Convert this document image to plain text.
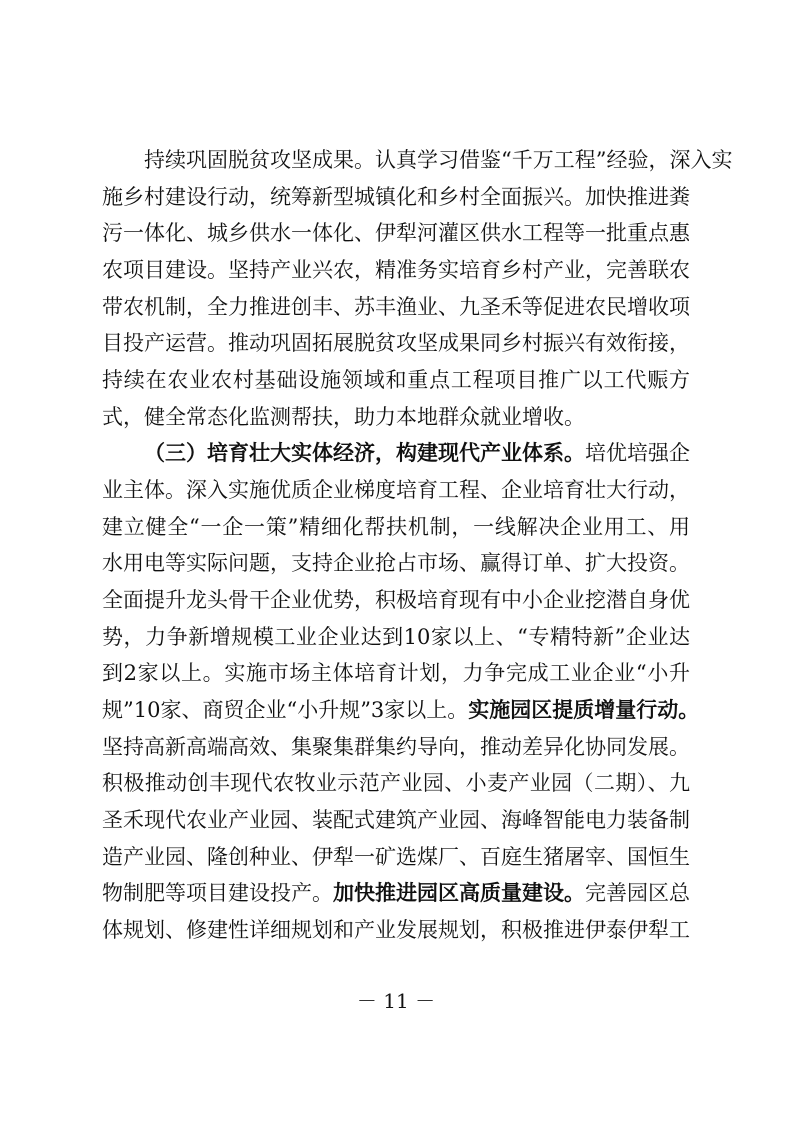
持续巩固脱贫攻坚成果。认真学习借鉴“千万工程”经验，深入实
施乡村建设行动，统筹新型城镇化和乡村全面振兴。加快推进粪
污一体化、城乡供水一体化、伊犁河灌区供水工程等一批重点惠
农项目建设。坚持产业兴农，精准务实培育乡村产业，完善联农
带农机制，全力推进创丰、苏丰渔业、九圣禾等促进农民增收项
目投产运营。推动巩固拓展脱贫攻坚成果同乡村振兴有效衔接，
持续在农业农村基础设施领域和重点工程项目推广以工代赈方
式，健全常态化监测帮扶，助力本地群众就业增收。
（三）培育壮大实体经济，构建现代产业体系。培优培强企
业主体。深入实施优质企业梯度培育工程、企业培育壮大行动，
建立健全“一企一策”精细化帮扶机制，一线解决企业用工、用
水用电等实际问题，支持企业抢占市场、赢得订单、扩大投资。
全面提升龙头骨干企业优势，积极培育现有中小企业挖潜自身优
势，力争新增规模工业企业达到10家以上、“专精特新”企业达
到2家以上。实施市场主体培育计划，力争完成工业企业“小升
规”10家、商贸企业“小升规”3家以上。实施园区提质增量行动。
坚持高新高端高效、集聚集群集约导向，推动差异化协同发展。
积极推动创丰现代农牧业示范产业园、小麦产业园（二期）、九
圣禾现代农业产业园、装配式建筑产业园、海峰智能电力装备制
造产业园、隆创种业、伊犁一矿选煤厂、百庭生猪屠宰、国恒生
物制肥等项目建设投产。加快推进园区高质量建设。完善园区总
体规划、修建性详细规划和产业发展规划，积极推进伊泰伊犁工
－ 11 －
